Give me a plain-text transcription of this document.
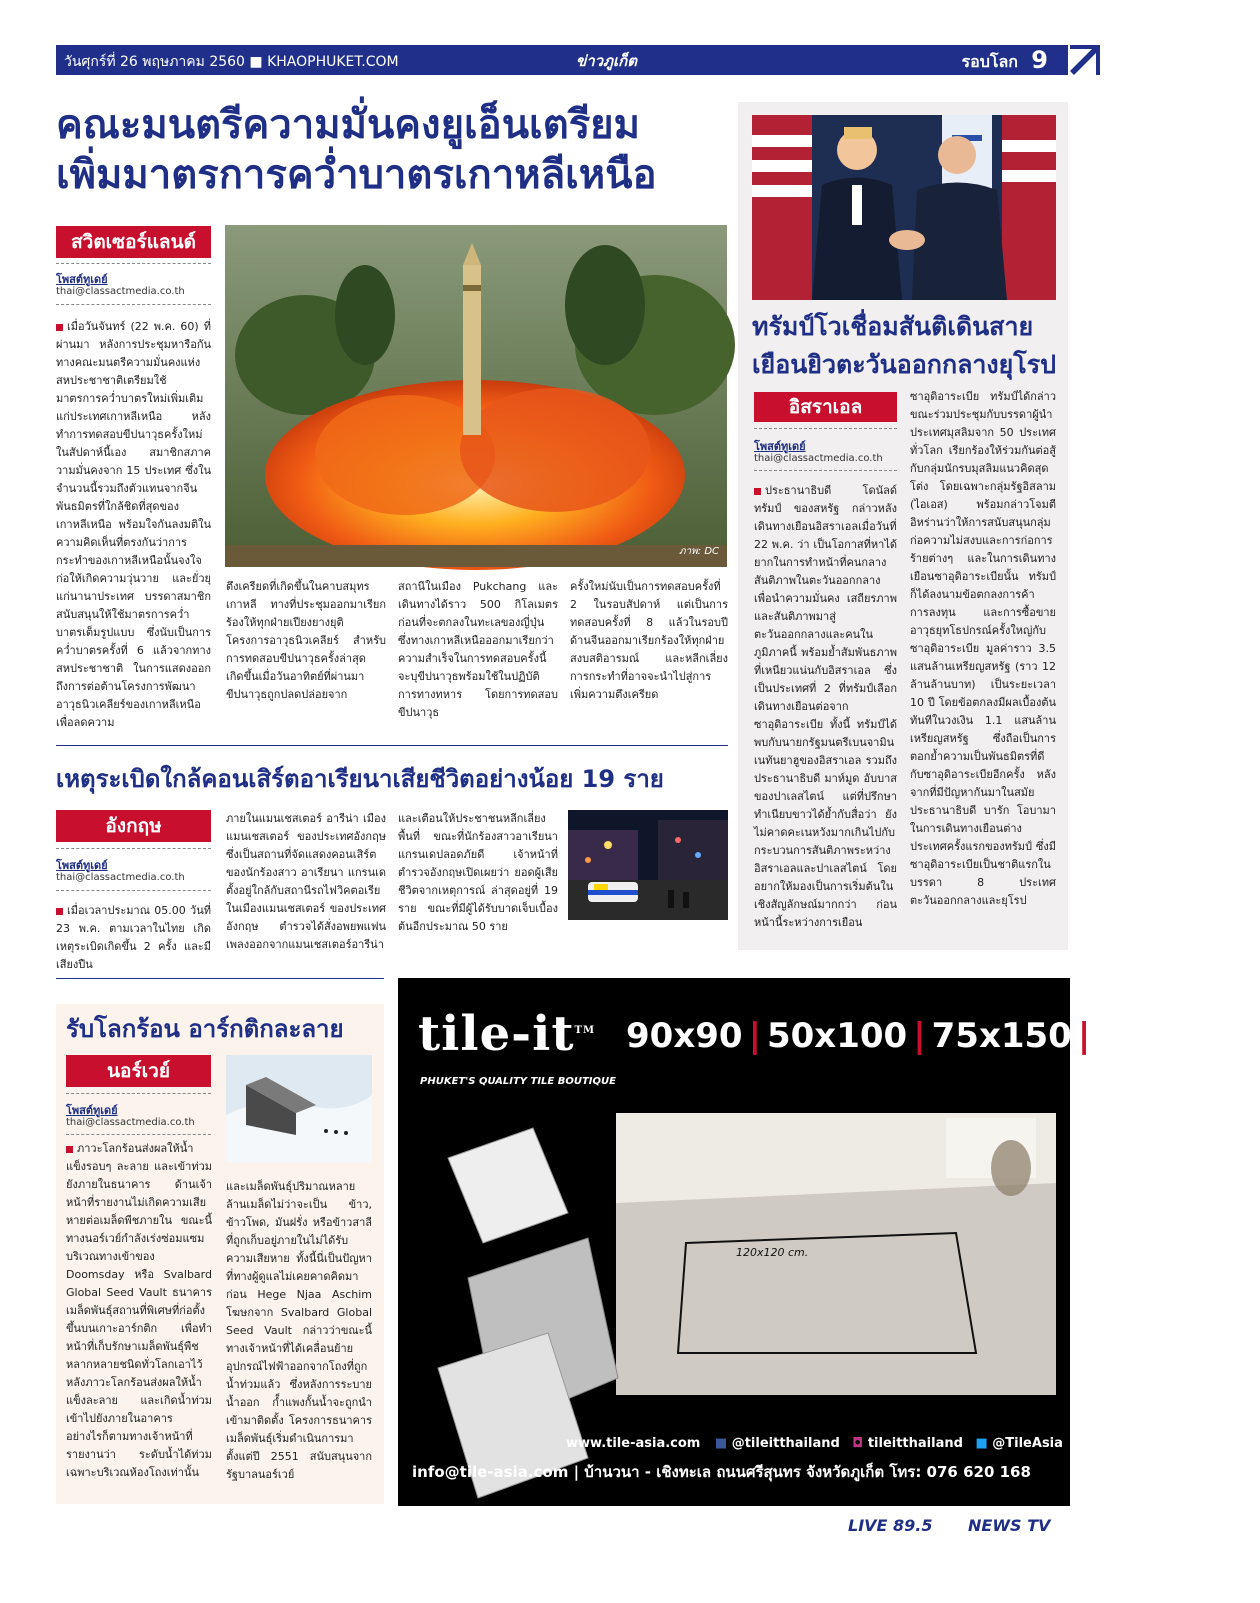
วันศุกร์ที่ 26 พฤษภาคม 2560 ■ KHAOPHUKET.COM	ข่าวภูเก็ต	รอบโลก 9
คณะมนตรีความมั่นคงยูเอ็นเตรียม
เพิ่มมาตรการคว่ำบาตรเกาหลีเหนือ
สวิตเซอร์แลนด์
โพสต์ทูเดย์
thai@classactmedia.co.th
ภาพ: DC
เมื่อวันจันทร์ (22 พ.ค. 60) ที่ผ่านมา หลังการประชุมหารือกันทางคณะมนตรีความมั่นคงแห่งสหประชาชาติเตรียมใช้มาตรการคว่ำบาตรใหม่เพิ่มเติมแก่ประเทศเกาหลีเหนือ หลังทำการทดสอบขีปนาวุธครั้งใหม่ในสัปดาห์นี้เอง สมาชิกสภาความมั่นคงจาก 15 ประเทศ ซึ่งในจำนวนนี้รวมถึงตัวแทนจากจีน พันธมิตรที่ใกล้ชิดที่สุดของเกาหลีเหนือ พร้อมใจกันลงมติในความคิดเห็นที่ตรงกันว่าการกระทำของเกาหลีเหนือนั้นจงใจก่อให้เกิดความวุ่นวาย และยั่วยุแก่นานาประเทศ บรรดาสมาชิกสนับสนุนให้ใช้มาตรการคว่ำบาตรเต็มรูปแบบ ซึ่งนับเป็นการคว่ำบาตรครั้งที่ 6 แล้วจากทางสหประชาชาติ ในการแสดงออกถึงการต่อต้านโครงการพัฒนาอาวุธนิวเคลียร์ของเกาหลีเหนือ เพื่อลดความ
ตึงเครียดที่เกิดขึ้นในคาบสมุทรเกาหลี ทางที่ประชุมออกมาเรียกร้องให้ทุกฝ่ายเปียงยางยุติโครงการอาวุธนิวเคลียร์ สำหรับการทดสอบขีปนาวุธครั้งล่าสุด เกิดขึ้นเมื่อวันอาทิตย์ที่ผ่านมา ขีปนาวุธถูกปลดปล่อยจาก
สถานีในเมือง Pukchang และเดินทางได้ราว 500 กิโลเมตร ก่อนที่จะตกลงในทะเลของญี่ปุ่น ซึ่งทางเกาหลีเหนือออกมาเรียกว่าความสำเร็จในการทดสอบครั้งนี้ จะบุขีปนาวุธพร้อมใช้ในปฏิบัติการทางทหาร โดยการทดสอบขีปนาวุธ
ครั้งใหม่นับเป็นการทดสอบครั้งที่ 2 ในรอบสัปดาห์ แต่เป็นการทดสอบครั้งที่ 8 แล้วในรอบปี ด้านจีนออกมาเรียกร้องให้ทุกฝ่ายสงบสติอารมณ์ และหลีกเลี่ยงการกระทำที่อาจจะนำไปสู่การเพิ่มความตึงเครียด
ทรัมป์โวเชื่อมสันติเดินสาย
เยือนยิวตะวันออกกลางยุโรป
อิสราเอล
โพสต์ทูเดย์
thai@classactmedia.co.th
ประธานาธิบดี โดนัลด์ ทรัมป์ ของสหรัฐ กล่าวหลังเดินทางเยือนอิสราเอลเมื่อวันที่ 22 พ.ค. ว่า เป็นโอกาสที่หาได้ยากในการทำหน้าที่คนกลางสันติภาพในตะวันออกกลาง เพื่อนำความมั่นคง เสถียรภาพ และสันติภาพมาสู่ตะวันออกกลางและคนในภูมิภาคนี้ พร้อมย้ำสัมพันธภาพที่เหนียวแน่นกับอิสราเอล ซึ่งเป็นประเทศที่ 2 ที่ทรัมป์เลือกเดินทางเยือนต่อจากซาอุดิอาระเบีย ทั้งนี้ ทรัมป์ได้พบกับนายกรัฐมนตรีเบนจามิน เนทันยาฮูของอิสราเอล รวมถึงประธานาธิบดี มาห์มูด อับบาส ของปาเลสไตน์ แต่ที่ปรึกษาทำเนียบขาวได้ย้ำกับสื่อว่า ยังไม่คาดคะเนหวังมากเกินไปกับกระบวนการสันติภาพระหว่างอิสราเอลและปาเลสไตน์ โดยอยากให้มองเป็นการเริ่มต้นในเชิงสัญลักษณ์มากกว่า ก่อนหน้านี้ระหว่างการเยือน
ซาอุดิอาระเบีย ทรัมป์ได้กล่าวขณะร่วมประชุมกับบรรดาผู้นำประเทศมุสลิมจาก 50 ประเทศทั่วโลก เรียกร้องให้ร่วมกันต่อสู้กับกลุ่มนักรบมุสลิมแนวคิดสุดโต่ง โดยเฉพาะกลุ่มรัฐอิสลาม (ไอเอส) พร้อมกล่าวโจมตีอิหร่านว่าให้การสนับสนุนกลุ่มก่อความไม่สงบและการก่อการร้ายต่างๆ และในการเดินทางเยือนซาอุดิอาระเบียนั้น ทรัมป์ ก็ได้ลงนามข้อตกลงการค้า การลงทุน และการซื้อขายอาวุธยุทโธปกรณ์ครั้งใหญ่กับซาอุดิอาระเบีย มูลค่าราว 3.5 แสนล้านเหรียญสหรัฐ (ราว 12 ล้านล้านบาท) เป็นระยะเวลา 10 ปี โดยข้อตกลงมีผลเบื้องต้นทันทีในวงเงิน 1.1 แสนล้านเหรียญสหรัฐ ซึ่งถือเป็นการตอกย้ำความเป็นพันธมิตรที่ดีกับซาอุดิอาระเบียอีกครั้ง หลังจากที่มีปัญหากันมาในสมัยประธานาธิบดี บารัก โอบามา ในการเดินทางเยือนต่างประเทศครั้งแรกของทรัมป์ ซึ่งมีซาอุดิอาระเบียเป็นชาติแรกในบรรดา 8 ประเทศตะวันออกกลางและยุโรป
เหตุระเบิดใกล้คอนเสิร์ตอาเรียนาเสียชีวิตอย่างน้อย 19 ราย
อังกฤษ
โพสต์ทูเดย์
thai@classactmedia.co.th
เมื่อเวลาประมาณ 05.00 วันที่ 23 พ.ค. ตามเวลาในไทย เกิดเหตุระเบิดเกิดขึ้น 2 ครั้ง และมีเสียงปืน
ภายในแมนเชสเตอร์ อารีน่า เมืองแมนเชสเตอร์ ของประเทศอังกฤษ ซึ่งเป็นสถานที่จัดแสดงคอนเสิร์ตของนักร้องสาว อาเรียนา แกรนเดตั้งอยู่ใกล้กับสถานีรถไฟวิคตอเรียในเมืองแมนเชสเตอร์ ของประเทศอังกฤษ ตำรวจได้สั่งอพยพแฟนเพลงออกจากแมนเชสเตอร์อารีน่า
และเตือนให้ประชาชนหลีกเลี่ยงพื้นที่ ขณะที่นักร้องสาวอาเรียนา แกรนเดปลอดภัยดี เจ้าหน้าที่ตำรวจอังกฤษเปิดเผยว่า ยอดผู้เสียชีวิตจากเหตุการณ์ ล่าสุดอยู่ที่ 19 ราย ขณะที่มีผู้ได้รับบาดเจ็บเบื้องต้นอีกประมาณ 50 ราย
รับโลกร้อน อาร์กติกละลาย
นอร์เวย์
โพสต์ทูเดย์
thai@classactmedia.co.th
ภาวะโลกร้อนส่งผลให้น้ำแข็งรอบๆ ละลาย และเข้าท่วมยังภายในธนาคาร ด้านเจ้าหน้าที่รายงานไม่เกิดความเสียหายต่อเมล็ดพืชภายใน ขณะนี้ทางนอร์เวย์กำลังเร่งซ่อมแซมบริเวณทางเข้าของ Doomsday หรือ Svalbard Global Seed Vault ธนาคารเมล็ดพันธุ์สถานที่พิเศษที่ก่อตั้งขึ้นบนเกาะอาร์กติก เพื่อทำหน้าที่เก็บรักษาเมล็ดพันธุ์พืชหลากหลายชนิดทั่วโลกเอาไว้ หลังภาวะโลกร้อนส่งผลให้น้ำแข็งละลาย และเกิดน้ำท่วมเข้าไปยังภายในอาคาร อย่างไรก็ตามทางเจ้าหน้าที่รายงานว่า ระดับน้ำได้ท่วมเฉพาะบริเวณห้องโถงเท่านั้น
และเมล็ดพันธุ์ปริมาณหลายล้านเมล็ดไม่ว่าจะเป็น ข้าว, ข้าวโพด, มันฝรั่ง หรือข้าวสาลีที่ถูกเก็บอยู่ภายในไม่ได้รับความเสียหาย ทั้งนี้นี่เป็นปัญหาที่ทางผู้ดูแลไม่เคยคาดคิดมาก่อน Hege Njaa Aschim โฆษกจาก Svalbard Global Seed Vault กล่าวว่าขณะนี้ทางเจ้าหน้าที่ได้เคลื่อนย้ายอุปกรณ์ไฟฟ้าออกจากโถงที่ถูกน้ำท่วมแล้ว ซึ่งหลังการระบายน้ำออก ก็ำแพงกั้นน้ำจะถูกนำเข้ามาติดตั้ง โครงการธนาคารเมล็ดพันธุ์เริ่มดำเนินการมาตั้งแต่ปี 2551 สนับสนุนจากรัฐบาลนอร์เวย์
tile-it™
PHUKET'S QUALITY TILE BOUTIQUE
90x90 | 50x100 | 75x150 | 120x120
120x120 cm.
www.tile-asia.com ■ @tileitthailand ◘ tileitthailand ■ @TileAsia
info@tile-asia.com | บ้านวนา - เชิงทะเล ถนนศรีสุนทร จังหวัดภูเก็ต โทร: 076 620 168
LIVE 89.5 NEWS TV
